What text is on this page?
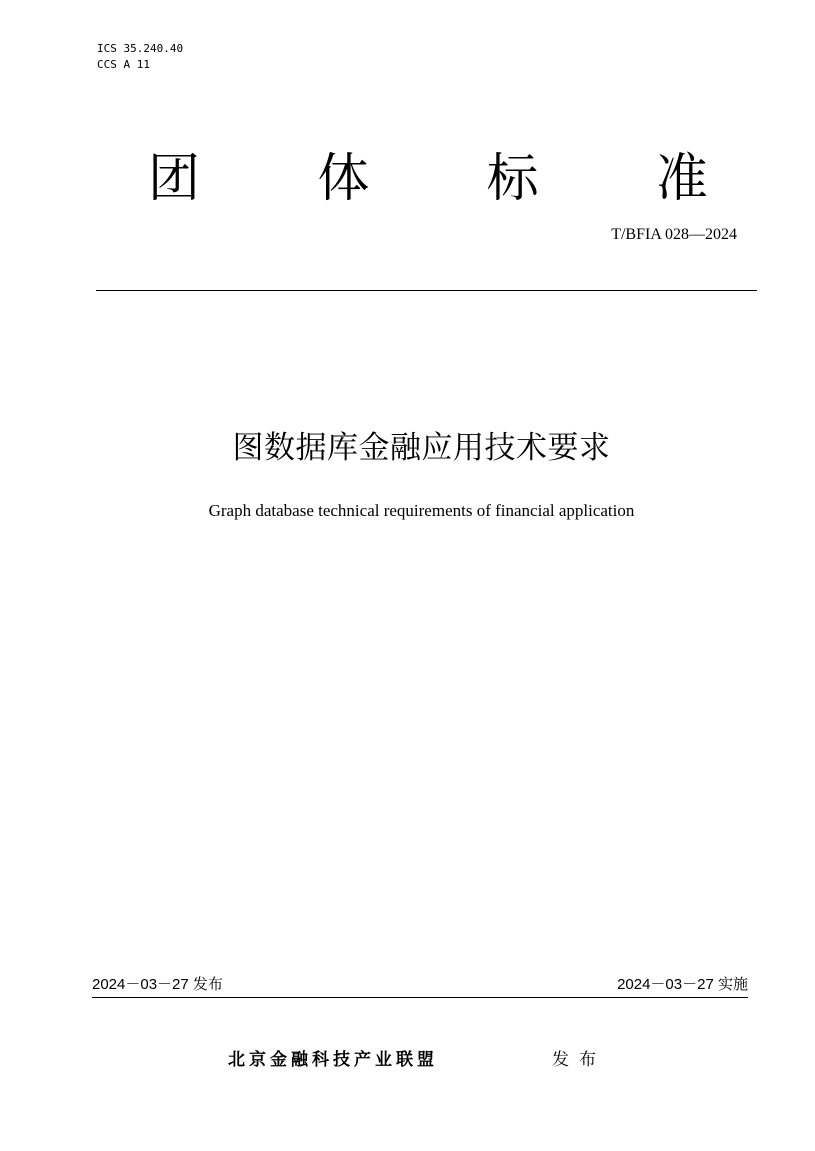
ICS 35.240.40
CCS A 11
团 体 标 准
T/BFIA 028—2024
图数据库金融应用技术要求
Graph database technical requirements of financial application
2024－03－27 发布	2024－03－27 实施
北京金融科技产业联盟	发布
